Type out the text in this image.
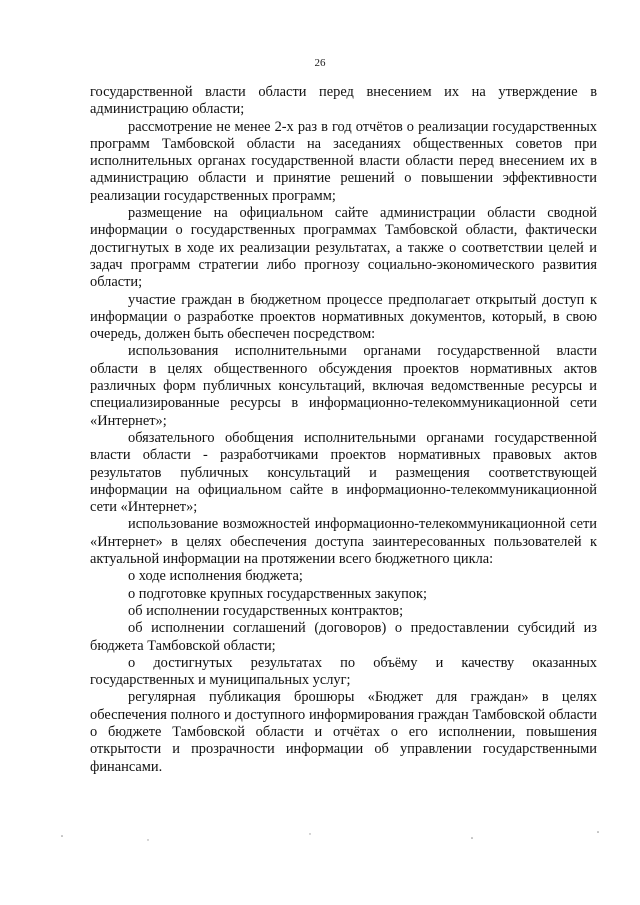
26

государственной власти области перед внесением их на утверждение в администрацию области;

рассмотрение не менее 2-х раз в год отчётов о реализации государственных программ Тамбовской области на заседаниях общественных советов при исполнительных органах государственной власти области перед внесением их в администрацию области и принятие решений о повышении эффективности реализации государственных программ;

размещение на официальном сайте администрации области сводной информации о государственных программах Тамбовской области, фактически достигнутых в ходе их реализации результатах, а также о соответствии целей и задач программ стратегии либо прогнозу социально-экономического развития области;

участие граждан в бюджетном процессе предполагает открытый доступ к информации о разработке проектов нормативных документов, который, в свою очередь, должен быть обеспечен посредством:

использования исполнительными органами государственной власти области в целях общественного обсуждения проектов нормативных актов различных форм публичных консультаций, включая ведомственные ресурсы и специализированные ресурсы в информационно-телекоммуникационной сети «Интернет»;

обязательного обобщения исполнительными органами государственной власти области - разработчиками проектов нормативных правовых актов результатов публичных консультаций и размещения соответствующей информации на официальном сайте в информационно-телекоммуникационной сети «Интернет»;

использование возможностей информационно-телекоммуникационной сети «Интернет» в целях обеспечения доступа заинтересованных пользователей к актуальной информации на протяжении всего бюджетного цикла:

о ходе исполнения бюджета;

о подготовке крупных государственных закупок;

об исполнении государственных контрактов;

об исполнении соглашений (договоров) о предоставлении субсидий из бюджета Тамбовской области;

о достигнутых результатах по объёму и качеству оказанных государственных и муниципальных услуг;

регулярная публикация брошюры «Бюджет для граждан» в целях обеспечения полного и доступного информирования граждан Тамбовской области о бюджете Тамбовской области и отчётах о его исполнении, повышения открытости и прозрачности информации об управлении государственными финансами.
